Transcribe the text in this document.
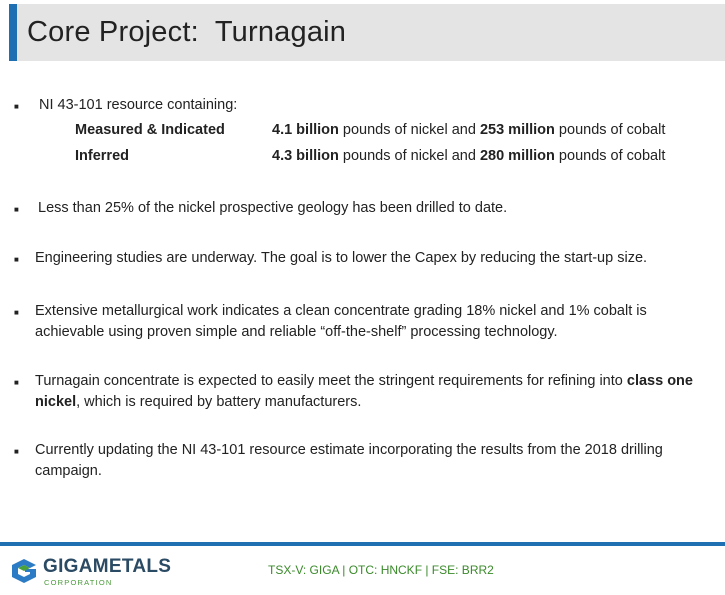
Core Project:  Turnagain
■ NI 43-101 resource containing:
Measured & Indicated	4.1 billion pounds of nickel and 253 million pounds of cobalt
Inferred	4.3 billion pounds of nickel and 280 million pounds of cobalt
■ Less than 25% of the nickel prospective geology has been drilled to date.
■ Engineering studies are underway. The goal is to lower the Capex by reducing the start-up size.
■ Extensive metallurgical work indicates a clean concentrate grading 18% nickel and 1% cobalt is achievable using proven simple and reliable “off-the-shelf” processing technology.
■ Turnagain concentrate is expected to easily meet the stringent requirements for refining into class one nickel, which is required by battery manufacturers.
■ Currently updating the NI 43-101 resource estimate incorporating the results from the 2018 drilling campaign.
GIGAMETALS
CORPORATION
TSX-V: GIGA | OTC: HNCKF | FSE: BRR2
